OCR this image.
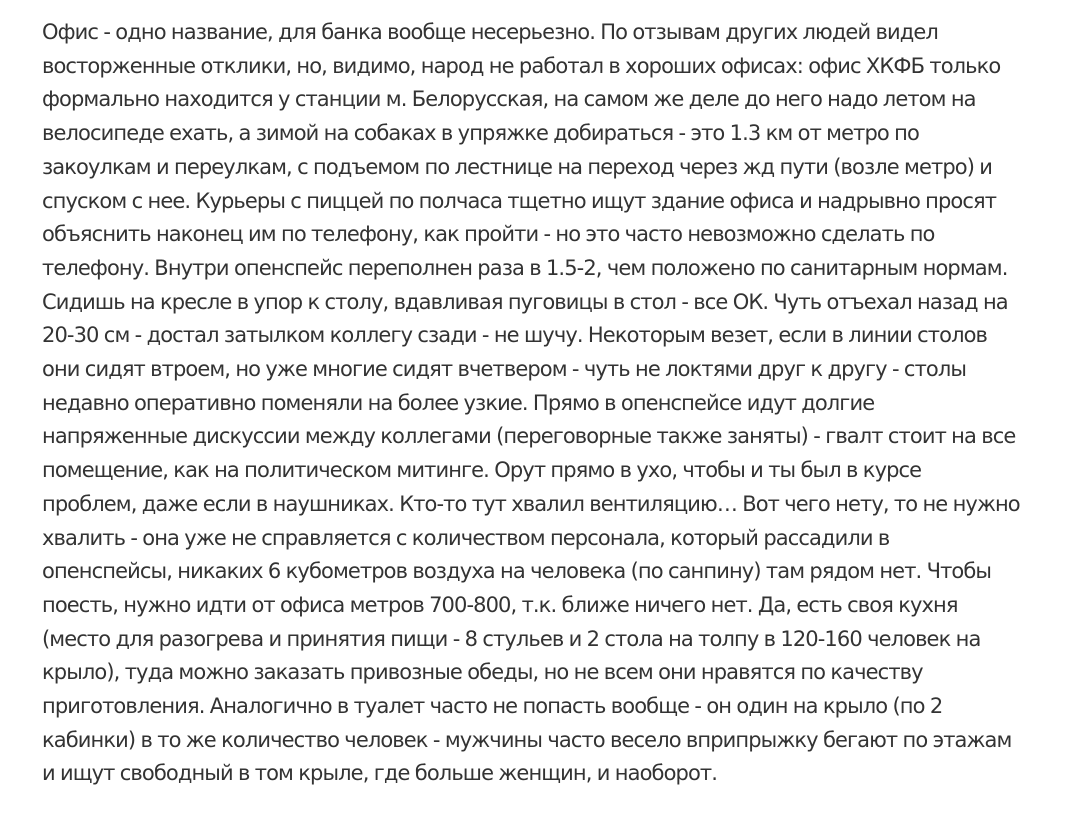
Офис - одно название, для банка вообще несерьезно. По отзывам других людей видел
восторженные отклики, но, видимо, народ не работал в хороших офисах: офис ХКФБ только
формально находится у станции м. Белорусская, на самом же деле до него надо летом на
велосипеде ехать, а зимой на собаках в упряжке добираться - это 1.3 км от метро по
закоулкам и переулкам, с подъемом по лестнице на переход через жд пути (возле метро) и
спуском с нее. Курьеры с пиццей по полчаса тщетно ищут здание офиса и надрывно просят
объяснить наконец им по телефону, как пройти - но это часто невозможно сделать по
телефону. Внутри опенспейс переполнен раза в 1.5-2, чем положено по санитарным нормам.
Сидишь на кресле в упор к столу, вдавливая пуговицы в стол - все ОК. Чуть отъехал назад на
20-30 см - достал затылком коллегу сзади - не шучу. Некоторым везет, если в линии столов
они сидят втроем, но уже многие сидят вчетвером - чуть не локтями друг к другу - столы
недавно оперативно поменяли на более узкие. Прямо в опенспейсе идут долгие
напряженные дискуссии между коллегами (переговорные также заняты) - гвалт стоит на все
помещение, как на политическом митинге. Орут прямо в ухо, чтобы и ты был в курсе
проблем, даже если в наушниках. Кто-то тут хвалил вентиляцию… Вот чего нету, то не нужно
хвалить - она уже не справляется с количеством персонала, который рассадили в
опенспейсы, никаких 6 кубометров воздуха на человека (по санпину) там рядом нет. Чтобы
поесть, нужно идти от офиса метров 700-800, т.к. ближе ничего нет. Да, есть своя кухня
(место для разогрева и принятия пищи - 8 стульев и 2 стола на толпу в 120-160 человек на
крыло), туда можно заказать привозные обеды, но не всем они нравятся по качеству
приготовления. Аналогично в туалет часто не попасть вообще - он один на крыло (по 2
кабинки) в то же количество человек - мужчины часто весело вприпрыжку бегают по этажам
и ищут свободный в том крыле, где больше женщин, и наоборот.
